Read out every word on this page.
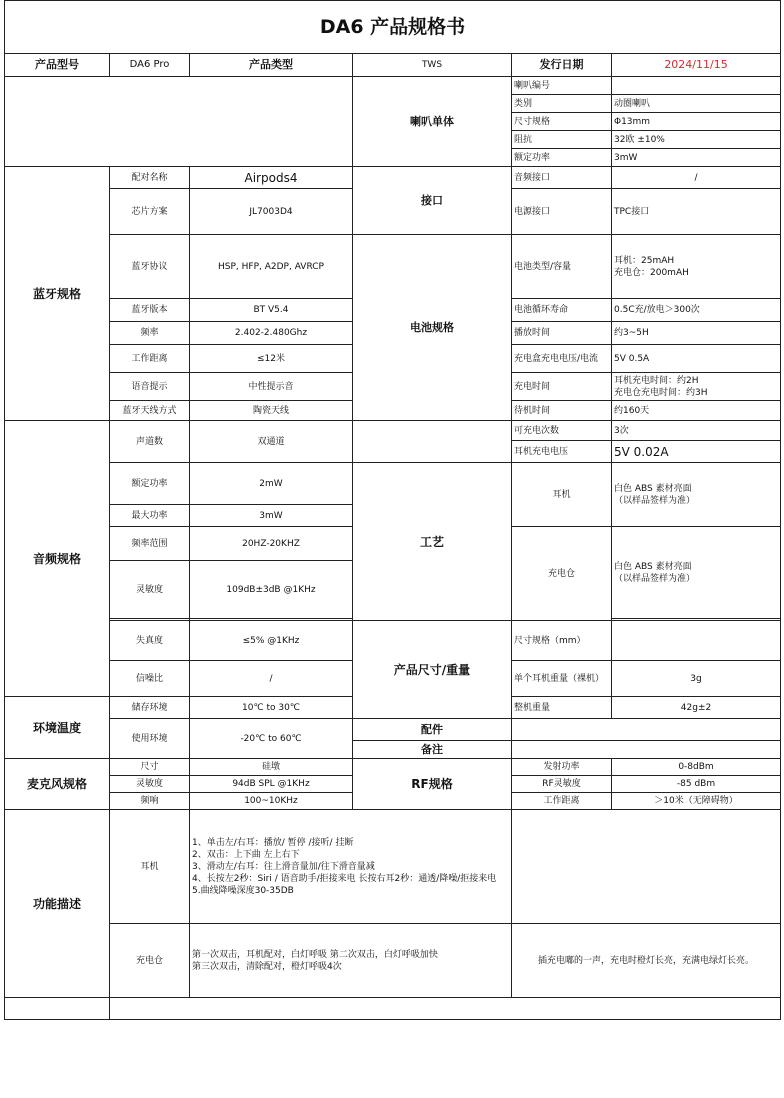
DA6 产品规格书					
产品型号	DA6 Pro	产品类型	TWS	发行日期	2024/11/15
			喇叭单体	喇叭编号	
				类别	动圈喇叭
				尺寸规格	Φ13mm
				阻抗	32欧 ±10%
				额定功率	3mW
蓝牙规格	配对名称	Airpods4	接口	音频接口	/
	芯片方案	JL7003D4		电源接口	TPC接口
	蓝牙协议	HSP, HFP, A2DP, AVRCP	电池规格	电池类型/容量	耳机：25mAH
充电仓：200mAH
	蓝牙版本	BT V5.4		电池循环寿命	0.5C充/放电＞300次
	频率	2.402-2.480Ghz		播放时间	约3~5H
	工作距离	≤12米		充电盒充电电压/电流	5V 0.5A
	语音提示	中性提示音		充电时间	耳机充电时间：约2H
充电仓充电时间：约3H
	蓝牙天线方式	陶瓷天线		待机时间	约160天
音频规格	声道数	双通道		可充电次数	3次
				耳机充电电压	5V 0.02A
	额定功率	2mW	工艺	耳机	白色 ABS 素材亮面
（以样品签样为准）
	最大功率	3mW			
	频率范围	20HZ-20KHZ		充电仓	白色 ABS 素材亮面
（以样品签样为准）
	灵敏度	109dB±3dB @1KHz			

	失真度	≤5% @1KHz	产品尺寸/重量	尺寸规格（mm）	
	信噪比	/		单个耳机重量（裸机）	3g
环境温度	储存环境	10℃ to 30℃		整机重量	42g±2
	使用环境	-20℃ to 60℃	配件		
			备注		
麦克风规格	尺寸	硅墩	RF规格	发射功率	0-8dBm
	灵敏度	94dB SPL @1KHz		RF灵敏度	-85 dBm
	频响	100~10KHz		工作距离	＞10米（无障碍物）
功能描述	耳机	1、单击左/右耳：播放/ 暂停 /接听/ 挂断
2、双击：上下曲 左上右下
3、滑动左/右耳：往上滑音量加/往下滑音量减
4、长按左2秒：Siri / 语音助手/拒接来电 长按右耳2秒：通透/降噪/拒接来电
5.曲线降噪深度30-35DB			
	充电仓	第一次双击，耳机配对，白灯呼吸 第二次双击，白灯呼吸加快
第三次双击，清除配对，橙灯呼吸4次		插充电嘟的一声，充电时橙灯长亮，充满电绿灯长亮。	
